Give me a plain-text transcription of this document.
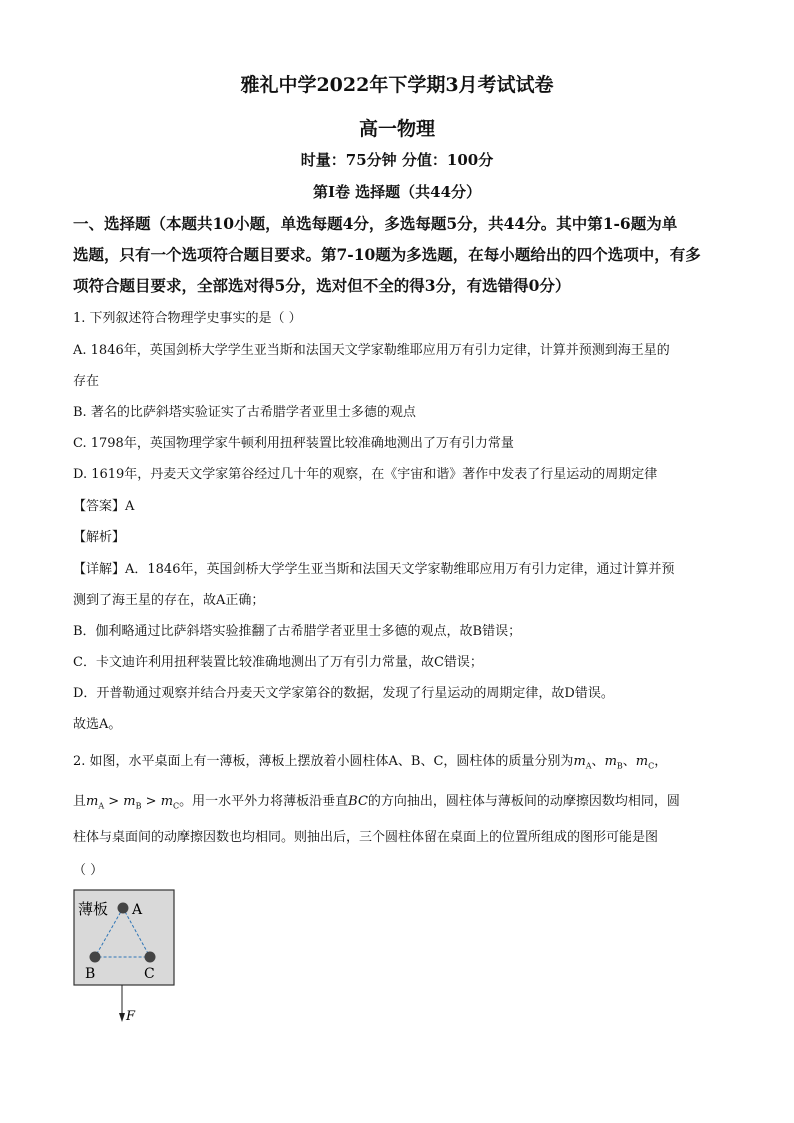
雅礼中学2022年下学期3月考试试卷
高一物理
时量：75分钟 分值：100分
第Ⅰ卷 选择题（共44分）
一、选择题（本题共10小题，单选每题4分，多选每题5分，共44分。其中第1-6题为单
选题，只有一个选项符合题目要求。第7-10题为多选题，在每小题给出的四个选项中，有多
项符合题目要求，全部选对得5分，选对但不全的得3分，有选错得0分）
1. 下列叙述符合物理学史事实的是（ ）
A. 1846年，英国剑桥大学学生亚当斯和法国天文学家勒维耶应用万有引力定律，计算并预测到海王星的
存在
B. 著名的比萨斜塔实验证实了古希腊学者亚里士多德的观点
C. 1798年，英国物理学家牛顿利用扭秤装置比较准确地测出了万有引力常量
D. 1619年，丹麦天文学家第谷经过几十年的观察，在《宇宙和谐》著作中发表了行星运动的周期定律
【答案】A
【解析】
【详解】A．1846年，英国剑桥大学学生亚当斯和法国天文学家勒维耶应用万有引力定律，通过计算并预
测到了海王星的存在，故A正确；
B．伽利略通过比萨斜塔实验推翻了古希腊学者亚里士多德的观点，故B错误；
C．卡文迪许利用扭秤装置比较准确地测出了万有引力常量，故C错误；
D．开普勒通过观察并结合丹麦天文学家第谷的数据，发现了行星运动的周期定律，故D错误。
故选A。
2. 如图，水平桌面上有一薄板，薄板上摆放着小圆柱体A、B、C，圆柱体的质量分别为$m_A$、$m_B$、$m_C$，
且$m_A > m_B > m_C$。用一水平外力将薄板沿垂直BC的方向抽出，圆柱体与薄板间的动摩擦因数均相同，圆
柱体与桌面间的动摩擦因数也均相同。则抽出后，三个圆柱体留在桌面上的位置所组成的图形可能是图
（ ）
薄板 A
B	C
F
